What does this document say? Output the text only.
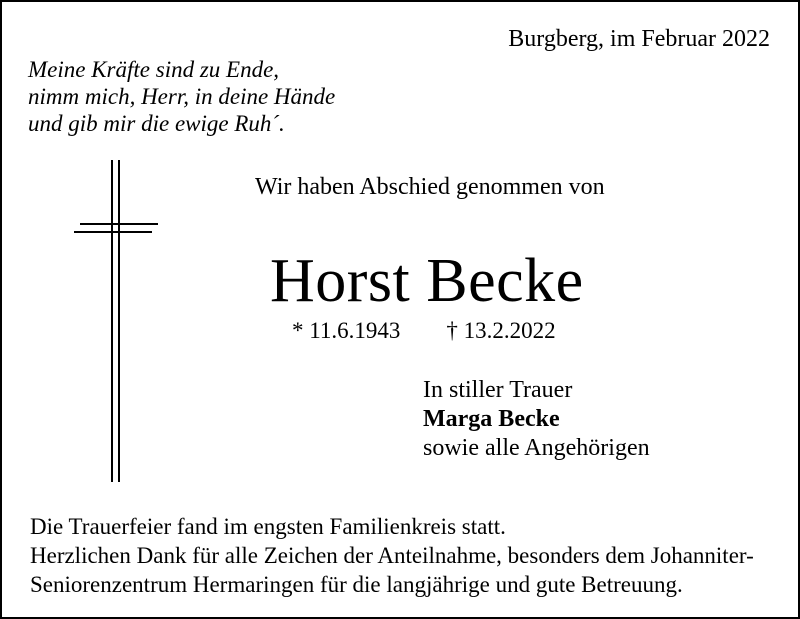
Burgberg, im Februar 2022
Meine Kräfte sind zu Ende,
nimm mich, Herr, in deine Hände
und gib mir die ewige Ruh´.
Wir haben Abschied genommen von
Horst Becke
* 11.6.1943 † 13.2.2022
In stiller Trauer
Marga Becke
sowie alle Angehörigen
Die Trauerfeier fand im engsten Familienkreis statt.
Herzlichen Dank für alle Zeichen der Anteilnahme, besonders dem Johanniter-
Seniorenzentrum Hermaringen für die langjährige und gute Betreuung.
